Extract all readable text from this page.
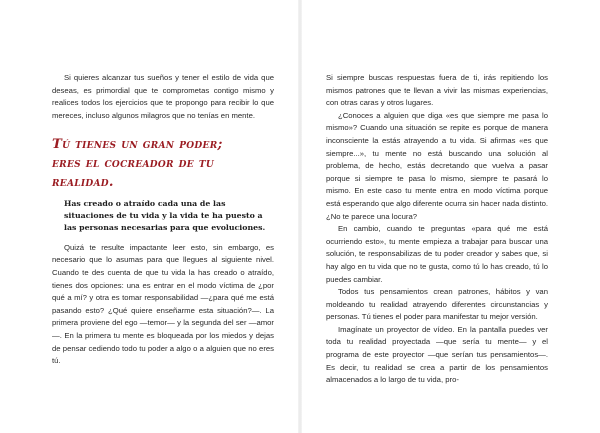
Si quieres alcanzar tus sueños y tener el estilo de vida que deseas, es primordial que te comprometas contigo mismo y realices todos los ejercicios que te propongo para recibir lo que mereces, incluso algunos milagros que no tenías en mente.

Tú tienes un gran poder;
eres el cocreador de tu
realidad.
Has creado o atraído cada una de las situaciones de tu vida y la vida te ha puesto a las personas necesarias para que evoluciones.

Quizá te resulte impactante leer esto, sin embargo, es necesario que lo asumas para que llegues al siguiente nivel. Cuando te des cuenta de que tu vida la has creado o atraído, tienes dos opciones: una es entrar en el modo víctima de ¿por qué a mí? y otra es tomar responsabilidad —¿para qué me está pasando esto? ¿Qué quiere enseñarme esta situación?—. La primera proviene del ego —temor— y la segunda del ser —amor—. En la primera tu mente es bloqueada por los miedos y dejas de pensar cediendo todo tu poder a algo o a alguien que no eres tú.

Si siempre buscas respuestas fuera de ti, irás repitiendo los mismos patrones que te llevan a vivir las mismas experiencias, con otras caras y otros lugares.

¿Conoces a alguien que diga «es que siempre me pasa lo mismo»? Cuando una situación se repite es porque de manera inconsciente la estás atrayendo a tu vida. Si afirmas «es que siempre...», tu mente no está buscando una solución al problema, de hecho, estás decretando que vuelva a pasar porque si siempre te pasa lo mismo, siempre te pasará lo mismo. En este caso tu mente entra en modo víctima porque está esperando que algo diferente ocurra sin hacer nada distinto. ¿No te parece una locura?

En cambio, cuando te preguntas «para qué me está ocurriendo esto», tu mente empieza a trabajar para buscar una solución, te responsabilizas de tu poder creador y sabes que, si hay algo en tu vida que no te gusta, como tú lo has creado, tú lo puedes cambiar.

Todos tus pensamientos crean patrones, hábitos y van moldeando tu realidad atrayendo diferentes circunstancias y personas. Tú tienes el poder para manifestar tu mejor versión.

Imagínate un proyector de vídeo. En la pantalla puedes ver toda tu realidad proyectada —que sería tu mente— y el programa de este proyector —que serían tus pensamientos—. Es decir, tu realidad se crea a partir de los pensamientos almacenados a lo largo de tu vida, pro-
